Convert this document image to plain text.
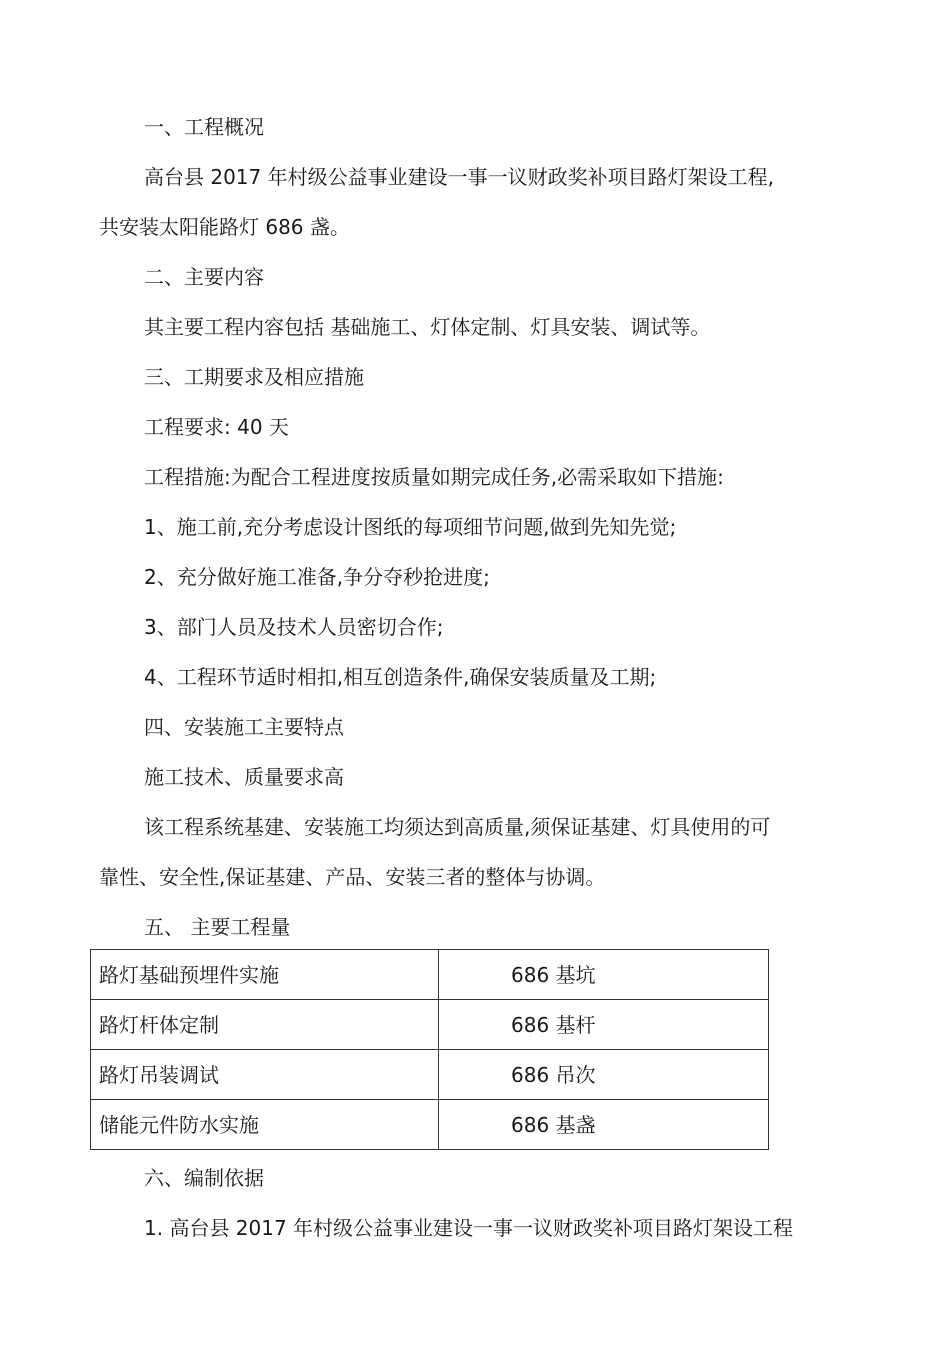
一、工程概况
高台县 2017 年村级公益事业建设一事一议财政奖补项目路灯架设工程,
共安装太阳能路灯 686 盏。
二、主要内容
其主要工程内容包括 基础施工、灯体定制、灯具安装、调试等。
三、工期要求及相应措施
工程要求: 40 天
工程措施:为配合工程进度按质量如期完成任务,必需采取如下措施:
1、施工前,充分考虑设计图纸的每项细节问题,做到先知先觉;
2、充分做好施工准备,争分夺秒抢进度;
3、部门人员及技术人员密切合作;
4、工程环节适时相扣,相互创造条件,确保安装质量及工期;
四、安装施工主要特点
施工技术、质量要求高
该工程系统基建、安装施工均须达到高质量,须保证基建、灯具使用的可
靠性、安全性,保证基建、产品、安装三者的整体与协调。
五、 主要工程量
路灯基础预埋件实施	686 基坑
路灯杆体定制	686 基杆
路灯吊装调试	686 吊次
储能元件防水实施	686 基盏
六、编制依据
1. 高台县 2017 年村级公益事业建设一事一议财政奖补项目路灯架设工程
